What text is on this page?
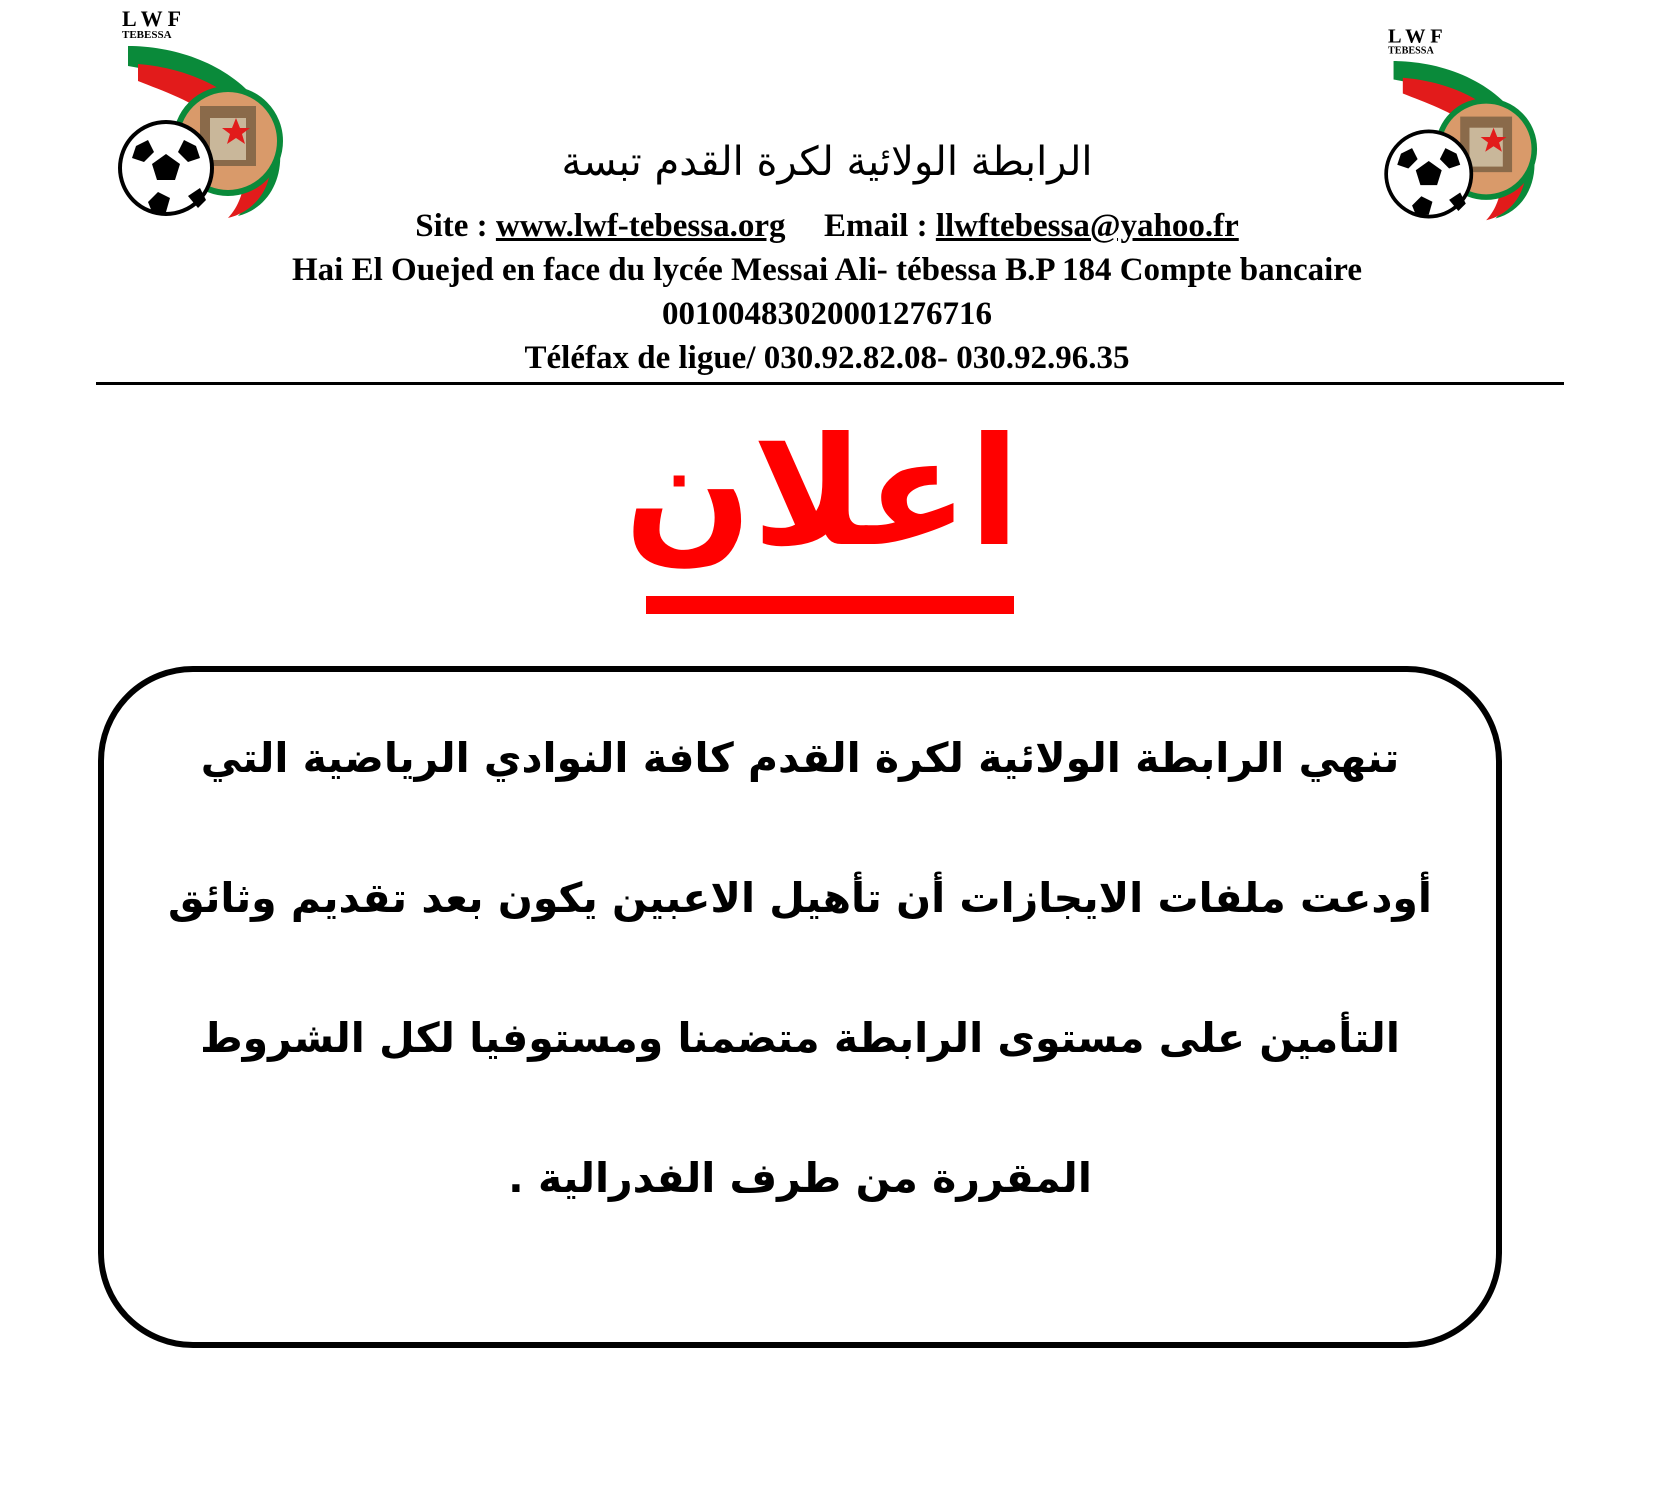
L W F
TEBESSA	L W F
TEBESSA
الرابطة الولائية لكرة القدم تبسة
Site : www.lwf-tebessa.org Email : llwftebessa@yahoo.fr
Hai El Ouejed en face du lycée Messai Ali- tébessa B.P 184 Compte bancaire
00100483020001276716
Téléfax de ligue/ 030.92.82.08- 030.92.96.35
اعلان
تنهي الرابطة الولائية لكرة القدم كافة النوادي الرياضية التي
أودعت ملفات الايجازات أن تأهيل الاعبين يكون بعد تقديم وثائق
التأمين على مستوى الرابطة متضمنا ومستوفيا لكل الشروط
المقررة من طرف الفدرالية .
